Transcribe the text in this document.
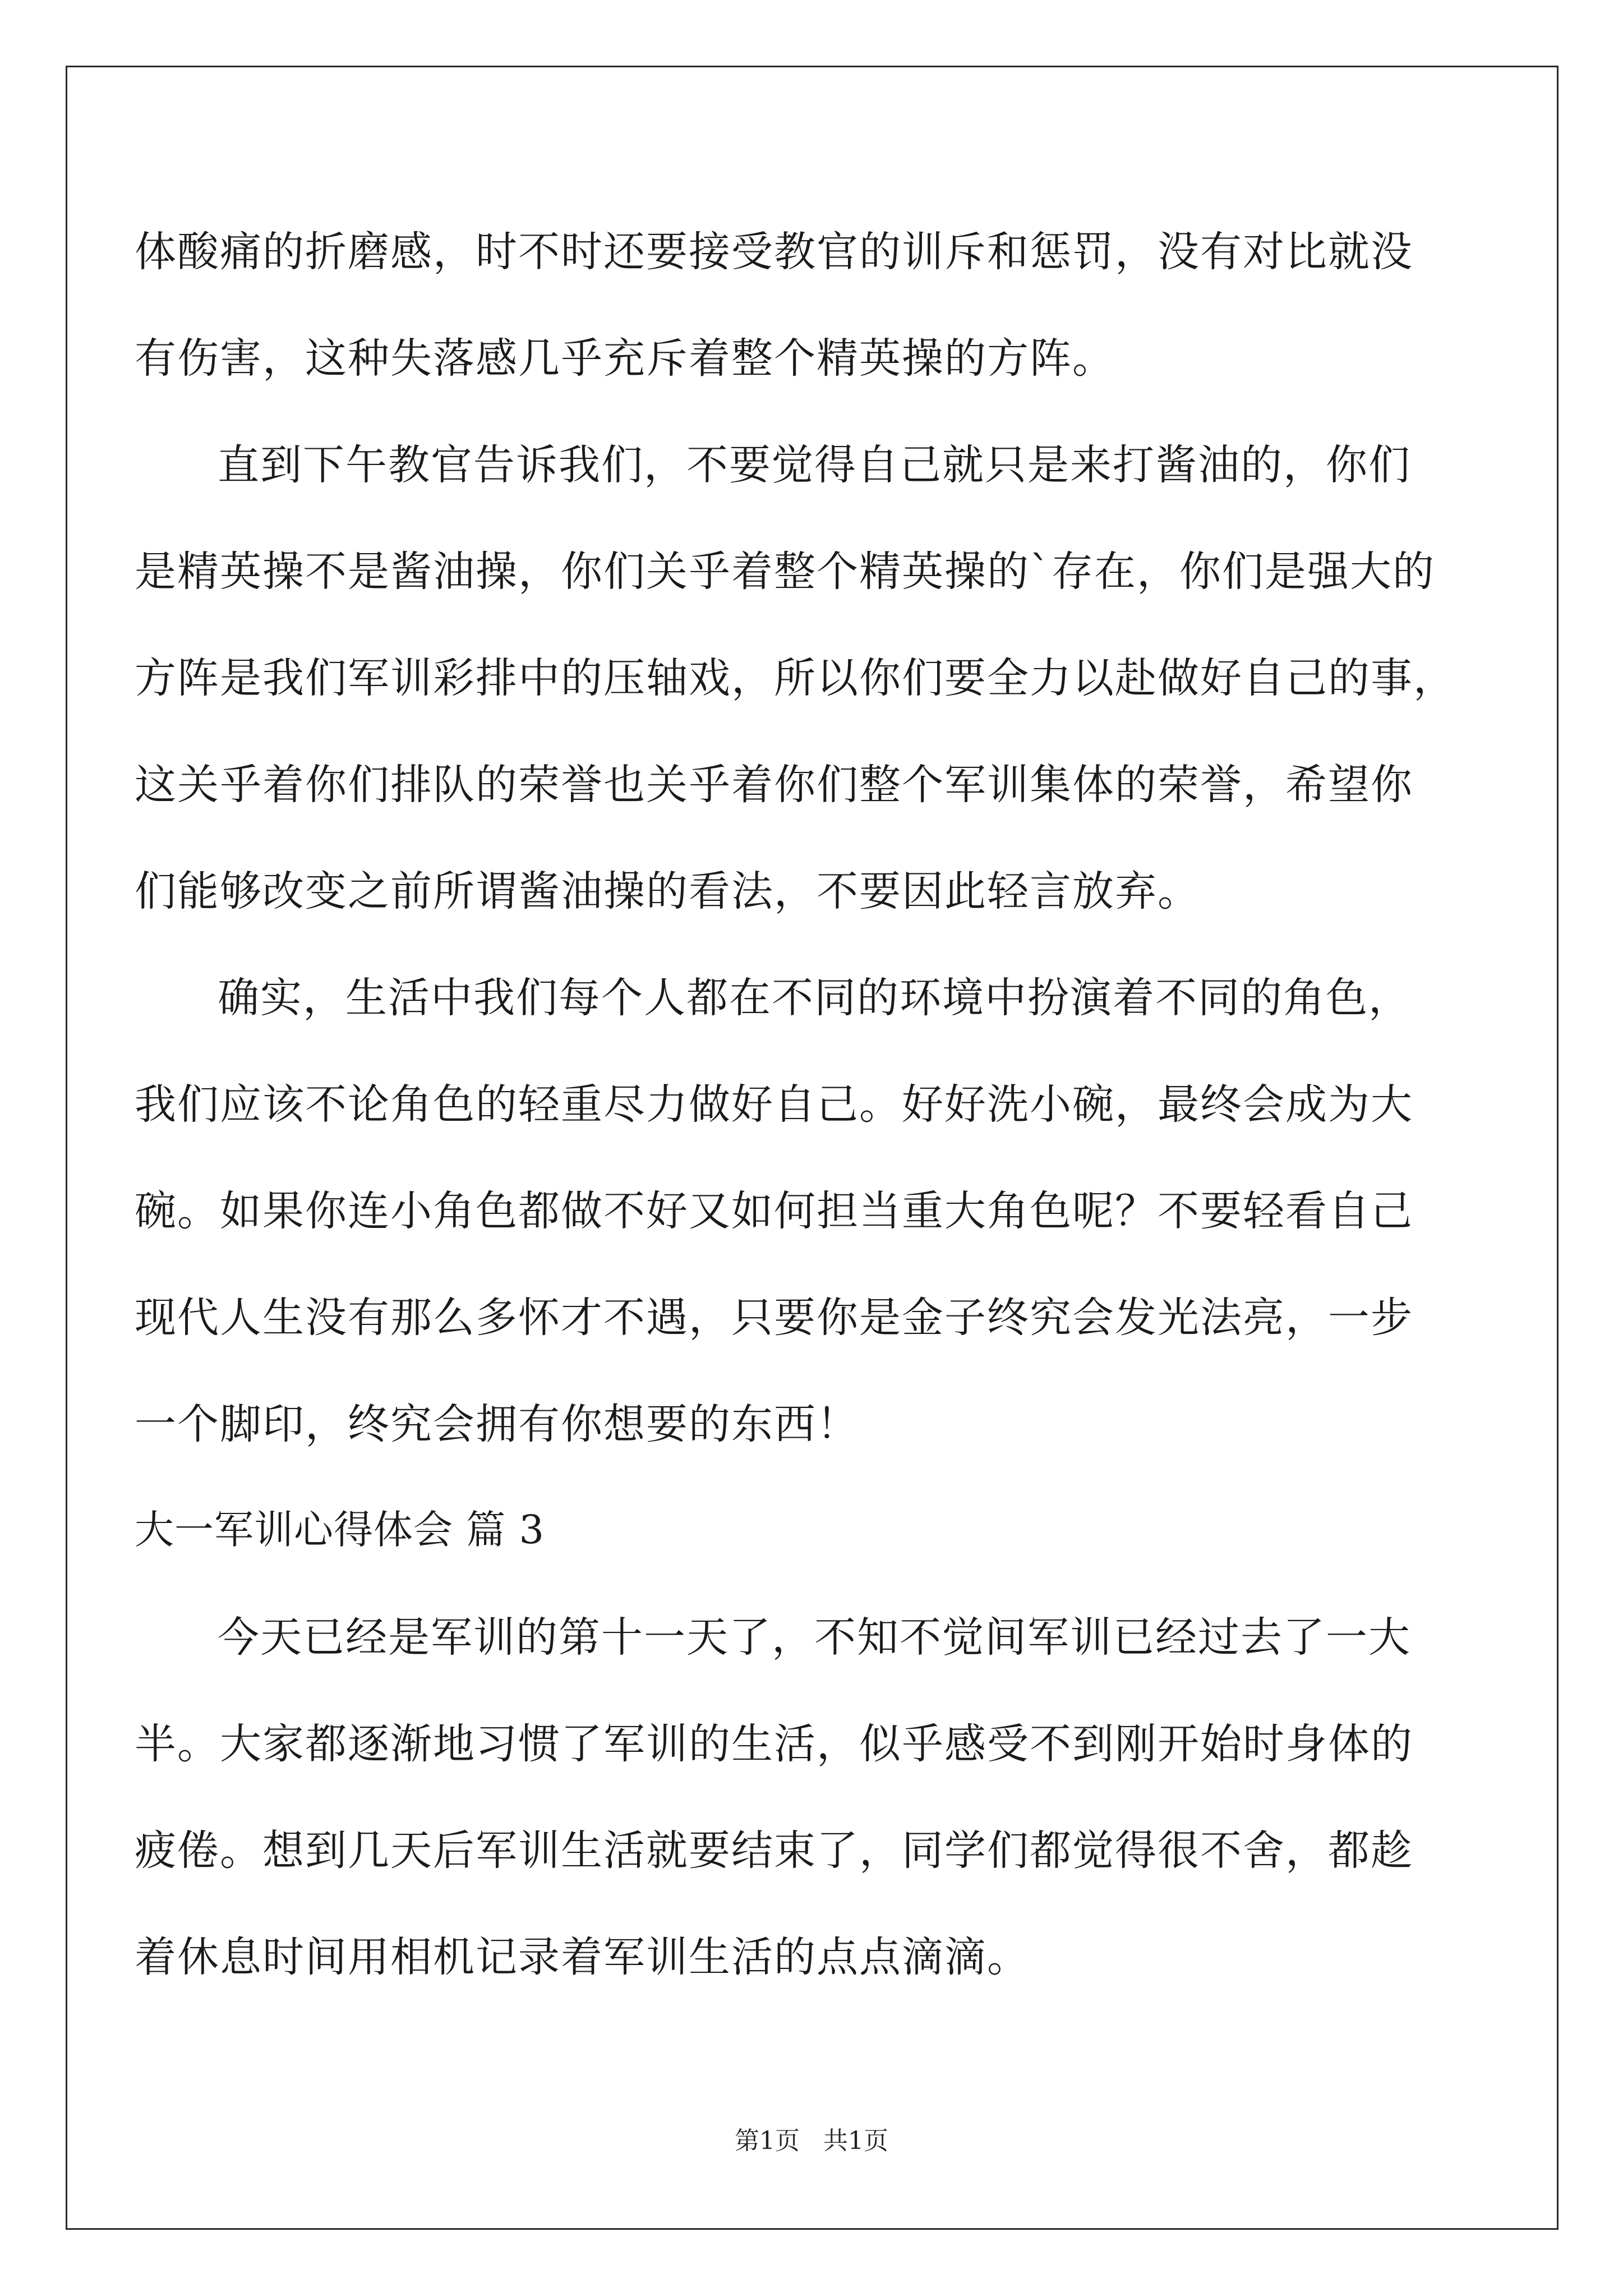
体酸痛的折磨感，时不时还要接受教官的训斥和惩罚，没有对比就没
有伤害，这种失落感几乎充斥着整个精英操的方阵。
直到下午教官告诉我们，不要觉得自己就只是来打酱油的，你们
是精英操不是酱油操，你们关乎着整个精英操的`存在，你们是强大的
方阵是我们军训彩排中的压轴戏，所以你们要全力以赴做好自己的事，
这关乎着你们排队的荣誉也关乎着你们整个军训集体的荣誉，希望你
们能够改变之前所谓酱油操的看法，不要因此轻言放弃。
确实，生活中我们每个人都在不同的环境中扮演着不同的角色，
我们应该不论角色的轻重尽力做好自己。好好洗小碗，最终会成为大
碗。如果你连小角色都做不好又如何担当重大角色呢？不要轻看自己
现代人生没有那么多怀才不遇，只要你是金子终究会发光法亮，一步
一个脚印，终究会拥有你想要的东西！
大一军训心得体会 篇 3
今天已经是军训的第十一天了，不知不觉间军训已经过去了一大
半。大家都逐渐地习惯了军训的生活，似乎感受不到刚开始时身体的
疲倦。想到几天后军训生活就要结束了，同学们都觉得很不舍，都趁
着休息时间用相机记录着军训生活的点点滴滴。
第1页   共1页
